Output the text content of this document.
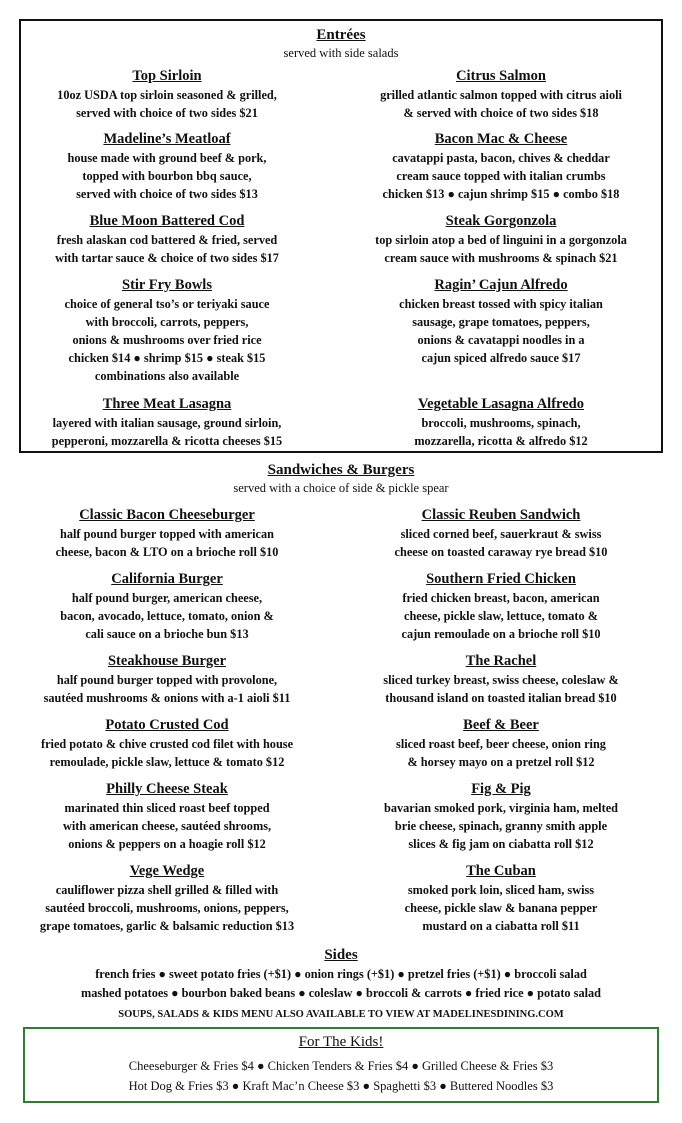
Entrées
served with side salads
Top Sirloin
10oz USDA top sirloin seasoned & grilled,
served with choice of two sides $21
Citrus Salmon
grilled atlantic salmon topped with citrus aioli
& served with choice of two sides $18
Madeline’s Meatloaf
house made with ground beef & pork,
topped with bourbon bbq sauce,
served with choice of two sides $13
Bacon Mac & Cheese
cavatappi pasta, bacon, chives & cheddar
cream sauce topped with italian crumbs
chicken $13 ● cajun shrimp $15 ● combo $18
Blue Moon Battered Cod
fresh alaskan cod battered & fried, served
with tartar sauce & choice of two sides $17
Steak Gorgonzola
top sirloin atop a bed of linguini in a gorgonzola
cream sauce with mushrooms & spinach $21
Stir Fry Bowls
choice of general tso’s or teriyaki sauce
with broccoli, carrots, peppers,
onions & mushrooms over fried rice
chicken $14 ● shrimp $15 ● steak $15
combinations also available
Ragin’ Cajun Alfredo
chicken breast tossed with spicy italian
sausage, grape tomatoes, peppers,
onions & cavatappi noodles in a
cajun spiced alfredo sauce $17
Three Meat Lasagna
layered with italian sausage, ground sirloin,
pepperoni, mozzarella & ricotta cheeses $15
Vegetable Lasagna Alfredo
broccoli, mushrooms, spinach,
mozzarella, ricotta & alfredo $12
Sandwiches & Burgers
served with a choice of side & pickle spear
Classic Bacon Cheeseburger
half pound burger topped with american
cheese, bacon & LTO on a brioche roll $10
Classic Reuben Sandwich
sliced corned beef, sauerkraut & swiss
cheese on toasted caraway rye bread $10
California Burger
half pound burger, american cheese,
bacon, avocado, lettuce, tomato, onion &
cali sauce on a brioche bun $13
Southern Fried Chicken
fried chicken breast, bacon, american
cheese, pickle slaw, lettuce, tomato &
cajun remoulade on a brioche roll $10
Steakhouse Burger
half pound burger topped with provolone,
sautéed mushrooms & onions with a-1 aioli $11
The Rachel
sliced turkey breast, swiss cheese, coleslaw &
thousand island on toasted italian bread $10
Potato Crusted Cod
fried potato & chive crusted cod filet with house
remoulade, pickle slaw, lettuce & tomato $12
Beef & Beer
sliced roast beef, beer cheese, onion ring
& horsey mayo on a pretzel roll $12
Philly Cheese Steak
marinated thin sliced roast beef topped
with american cheese, sautéed shrooms,
onions & peppers on a hoagie roll $12
Fig & Pig
bavarian smoked pork, virginia ham, melted
brie cheese, spinach, granny smith apple
slices & fig jam on ciabatta roll $12
Vege Wedge
cauliflower pizza shell grilled & filled with
sautéed broccoli, mushrooms, onions, peppers,
grape tomatoes, garlic & balsamic reduction $13
The Cuban
smoked pork loin, sliced ham, swiss
cheese, pickle slaw & banana pepper
mustard on a ciabatta roll $11
Sides
french fries ● sweet potato fries (+$1) ● onion rings (+$1) ● pretzel fries (+$1) ● broccoli salad
mashed potatoes ● bourbon baked beans ● coleslaw ● broccoli & carrots ● fried rice ● potato salad
SOUPS, SALADS & KIDS MENU ALSO AVAILABLE TO VIEW AT MADELINESDINING.COM
For The Kids!
Cheeseburger & Fries $4 ● Chicken Tenders & Fries $4 ● Grilled Cheese & Fries $3
Hot Dog & Fries $3 ● Kraft Mac’n Cheese $3 ● Spaghetti $3 ● Buttered Noodles $3
